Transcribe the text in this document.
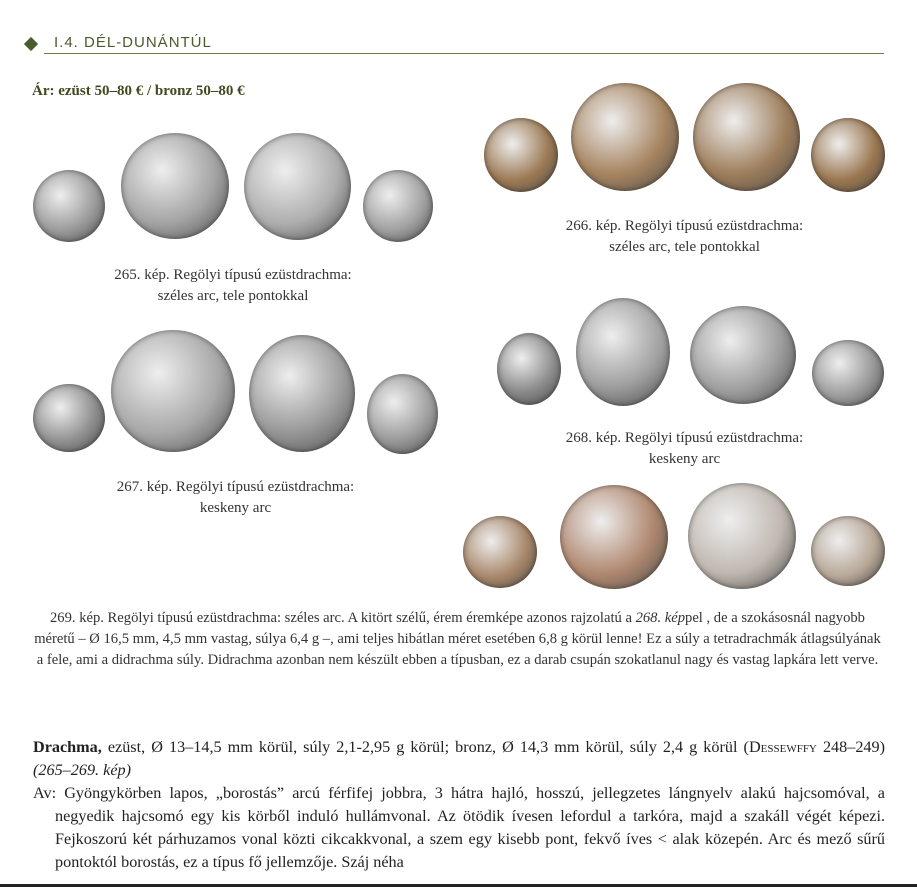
I.4. DÉL-DUNÁNTÚL
Ár: ezüst 50–80 € / bronz 50–80 €
265. kép. Regölyi típusú ezüstdrachma:
széles arc, tele pontokkal
266. kép. Regölyi típusú ezüstdrachma:
széles arc, tele pontokkal
267. kép. Regölyi típusú ezüstdrachma:
keskeny arc
268. kép. Regölyi típusú ezüstdrachma:
keskeny arc
269. kép. Regölyi típusú ezüstdrachma: széles arc. A kitört szélű, érem éremképe azonos rajzolatú a 268. képpel , de a szokásosnál nagyobb méretű – Ø 16,5 mm, 4,5 mm vastag, súlya 6,4 g –, ami teljes hibátlan méret esetében 6,8 g körül lenne! Ez a súly a tetradrachmák átlagsúlyának a fele, ami a didrachma súly. Didrachma azonban nem készült ebben a típusban, ez a darab csupán szokatlanul nagy és vastag lapkára lett verve.

Drachma, ezüst, Ø 13–14,5 mm körül, súly 2,1-2,95 g körül; bronz, Ø 14,3 mm körül, súly 2,4 g körül (Dessewffy 248–249) (265–269. kép)

Av: Gyöngykörben lapos, „borostás” arcú férfifej jobbra, 3 hátra hajló, hosszú, jellegzetes lángnyelv alakú hajcsomóval, a negyedik hajcsomó egy kis körből induló hullámvonal. Az ötödik ívesen lefordul a tarkóra, majd a szakáll végét képezi. Fejkoszorú két párhuzamos vonal közti cikcakkvonal, a szem egy kisebb pont, fekvő íves < alak közepén. Arc és mező sűrű pontoktól borostás, ez a típus fő jellemzője. Száj néha
